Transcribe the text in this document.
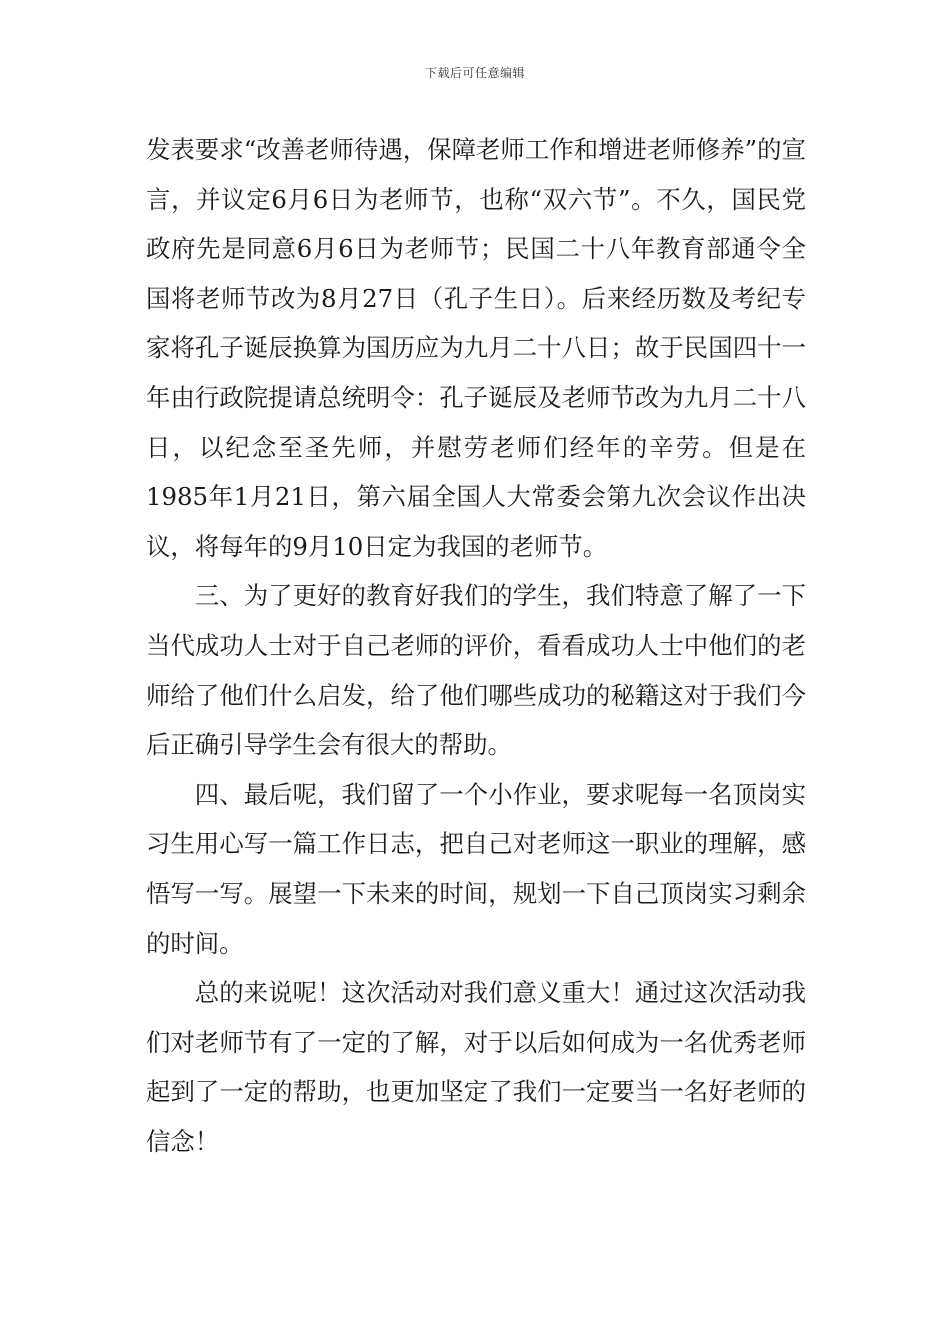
下载后可任意编辑

发表要求“改善老师待遇，保障老师工作和增进老师修养”的宣言，并议定6月6日为老师节，也称“双六节”。不久，国民党政府先是同意6月6日为老师节；民国二十八年教育部通令全国将老师节改为8月27日（孔子生日）。后来经历数及考纪专家将孔子诞辰换算为国历应为九月二十八日；故于民国四十一年由行政院提请总统明令：孔子诞辰及老师节改为九月二十八日，以纪念至圣先师，并慰劳老师们经年的辛劳。但是在1985年1月21日，第六届全国人大常委会第九次会议作出决议，将每年的9月10日定为我国的老师节。

三、为了更好的教育好我们的学生，我们特意了解了一下当代成功人士对于自己老师的评价，看看成功人士中他们的老师给了他们什么启发，给了他们哪些成功的秘籍这对于我们今后正确引导学生会有很大的帮助。

四、最后呢，我们留了一个小作业，要求呢每一名顶岗实习生用心写一篇工作日志，把自己对老师这一职业的理解，感悟写一写。展望一下未来的时间，规划一下自己顶岗实习剩余的时间。

总的来说呢！这次活动对我们意义重大！通过这次活动我们对老师节有了一定的了解，对于以后如何成为一名优秀老师起到了一定的帮助，也更加坚定了我们一定要当一名好老师的信念！
